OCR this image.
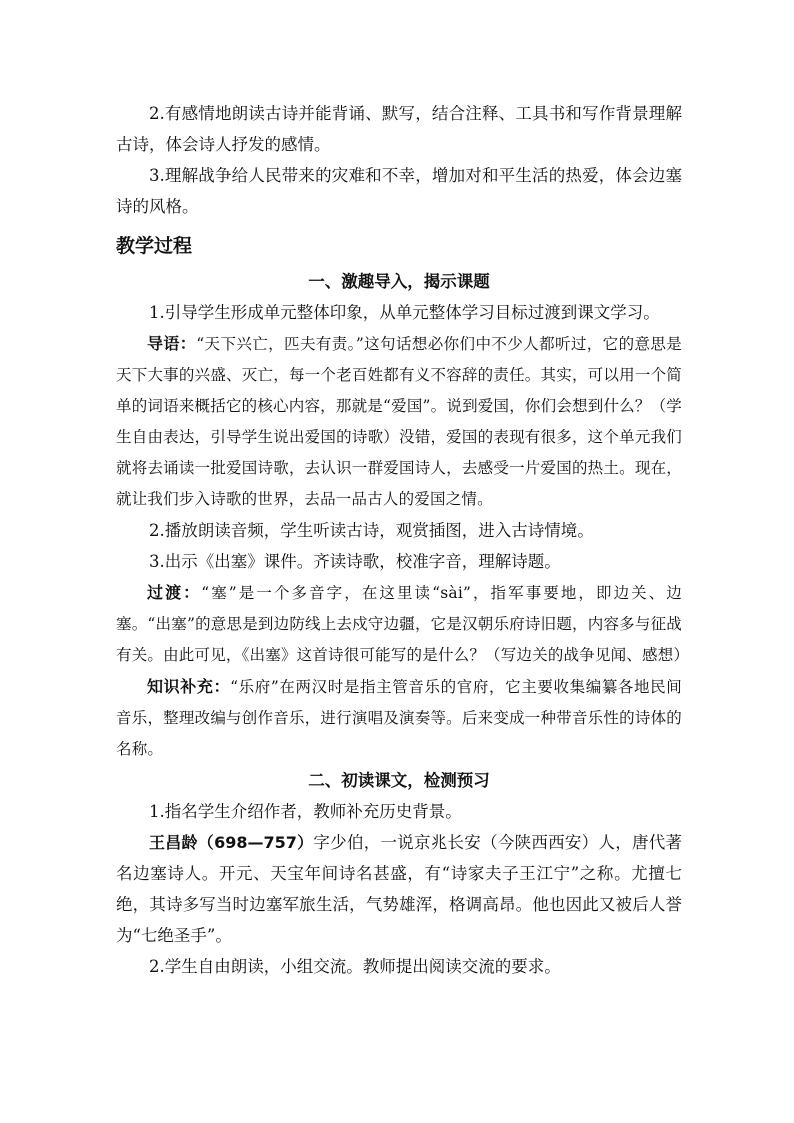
2.有感情地朗读古诗并能背诵、默写，结合注释、工具书和写作背景理解古诗，体会诗人抒发的感情。

3.理解战争给人民带来的灾难和不幸，增加对和平生活的热爱，体会边塞诗的风格。

教学过程
一、激趣导入，揭示课题

1.引导学生形成单元整体印象，从单元整体学习目标过渡到课文学习。

导语：“天下兴亡，匹夫有责。”这句话想必你们中不少人都听过，它的意思是天下大事的兴盛、灭亡，每一个老百姓都有义不容辞的责任。其实，可以用一个简单的词语来概括它的核心内容，那就是“爱国”。说到爱国，你们会想到什么？（学生自由表达，引导学生说出爱国的诗歌）没错，爱国的表现有很多，这个单元我们就将去诵读一批爱国诗歌，去认识一群爱国诗人，去感受一片爱国的热土。现在，就让我们步入诗歌的世界，去品一品古人的爱国之情。

2.播放朗读音频，学生听读古诗，观赏插图，进入古诗情境。

3.出示《出塞》课件。齐读诗歌，校准字音，理解诗题。

过渡：“塞”是一个多音字，在这里读“sài”，指军事要地，即边关、边塞。“出塞”的意思是到边防线上去戍守边疆，它是汉朝乐府诗旧题，内容多与征战有关。由此可见，《出塞》这首诗很可能写的是什么？（写边关的战争见闻、感想）

知识补充：“乐府”在两汉时是指主管音乐的官府，它主要收集编纂各地民间音乐，整理改编与创作音乐，进行演唱及演奏等。后来变成一种带音乐性的诗体的名称。

二、初读课文，检测预习

1.指名学生介绍作者，教师补充历史背景。

王昌龄（698—757）字少伯，一说京兆长安（今陕西西安）人，唐代著名边塞诗人。开元、天宝年间诗名甚盛，有“诗家夫子王江宁”之称。尤擅七绝，其诗多写当时边塞军旅生活，气势雄浑，格调高昂。他也因此又被后人誉为“七绝圣手”。

2.学生自由朗读，小组交流。教师提出阅读交流的要求。
